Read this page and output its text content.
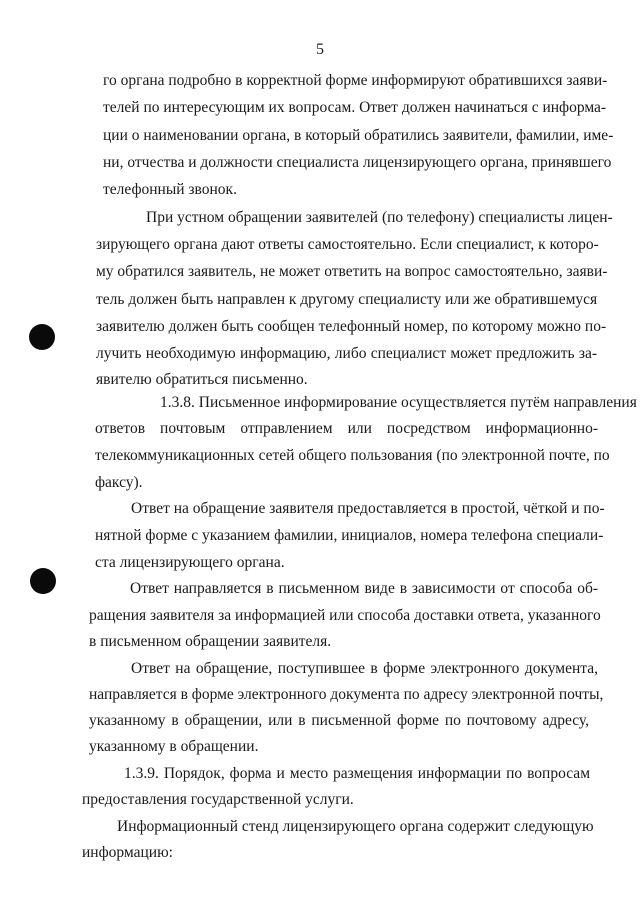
5
го органа подробно в корректной форме информируют обратившихся заяви-
телей по интересующим их вопросам. Ответ должен начинаться с информа-
ции о наименовании органа, в который обратились заявители, фамилии, име-
ни, отчества и должности специалиста лицензирующего органа, принявшего
телефонный звонок.
При устном обращении заявителей (по телефону) специалисты лицен-
зирующего органа дают ответы самостоятельно. Если специалист, к которо-
му обратился заявитель, не может ответить на вопрос самостоятельно, заяви-
тель должен быть направлен к другому специалисту или же обратившемуся
заявителю должен быть сообщен телефонный номер, по которому можно по-
лучить необходимую информацию, либо специалист может предложить за-
явителю обратиться письменно.
1.3.8. Письменное информирование осуществляется путём направления
ответов почтовым отправлением или посредством информационно-
телекоммуникационных сетей общего пользования (по электронной почте, по
факсу).
Ответ на обращение заявителя предоставляется в простой, чёткой и по-
нятной форме с указанием фамилии, инициалов, номера телефона специали-
ста лицензирующего органа.
Ответ направляется в письменном виде в зависимости от способа об-
ращения заявителя за информацией или способа доставки ответа, указанного
в письменном обращении заявителя.
Ответ на обращение, поступившее в форме электронного документа,
направляется в форме электронного документа по адресу электронной почты,
указанному в обращении, или в письменной форме по почтовому адресу,
указанному в обращении.
1.3.9. Порядок, форма и место размещения информации по вопросам
предоставления государственной услуги.
Информационный стенд лицензирующего органа содержит следующую
информацию:
